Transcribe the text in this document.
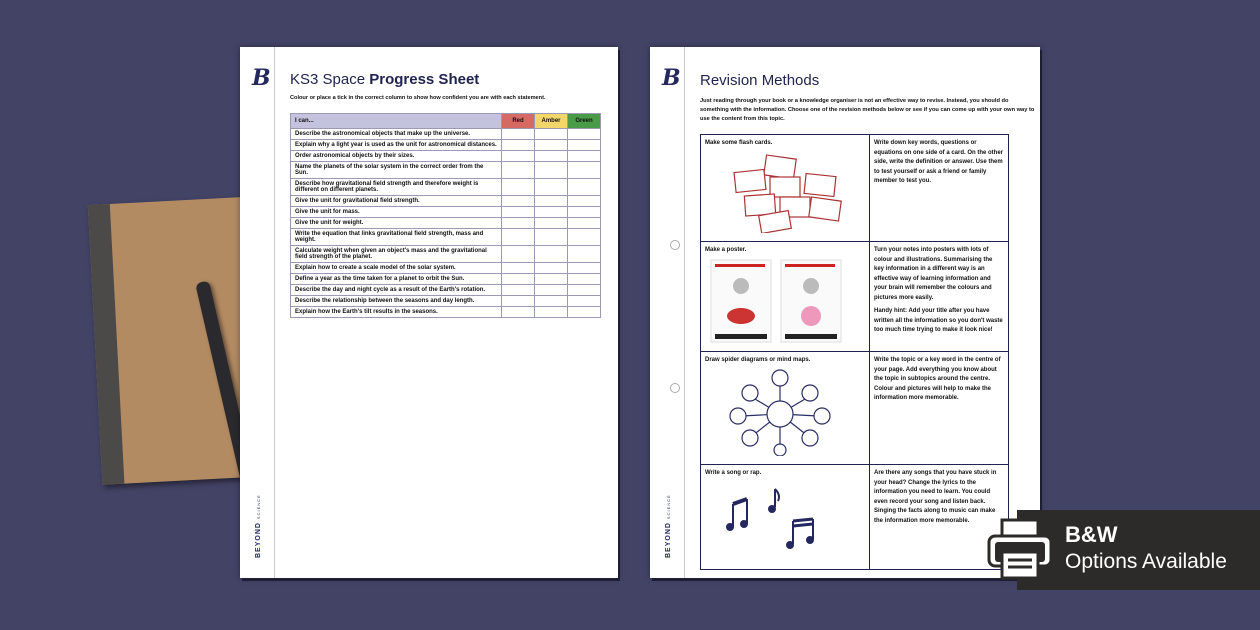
B
BEYOND SCIENCE
KS3 Space Progress Sheet
Colour or place a tick in the correct column to show how confident you are with each statement.
I can...	Red	Amber	Green
Describe the astronomical objects that make up the universe.			
Explain why a light year is used as the unit for astronomical distances.			
Order astronomical objects by their sizes.			
Name the planets of the solar system in the correct order from the Sun.			
Describe how gravitational field strength and therefore weight is different on different planets.			
Give the unit for gravitational field strength.			
Give the unit for mass.			
Give the unit for weight.			
Write the equation that links gravitational field strength, mass and weight.			
Calculate weight when given an object's mass and the gravitational field strength of the planet.			
Explain how to create a scale model of the solar system.			
Define a year as the time taken for a planet to orbit the Sun.			
Describe the day and night cycle as a result of the Earth's rotation.			
Describe the relationship between the seasons and day length.			
Explain how the Earth's tilt results in the seasons.			
B
BEYOND SCIENCE
Revision Methods
Just reading through your book or a knowledge organiser is not an effective way to revise. Instead, you should do something with the information. Choose one of the revision methods below or see if you can come up with your own way to use the content from this topic.
Make some flash cards.	Write down key words, questions or equations on one side of a card. On the other side, write the definition or answer. Use them to test yourself or ask a friend or family member to test you.

Make a poster.	Turn your notes into posters with lots of colour and illustrations. Summarising the key information in a different way is an effective way of learning information and your brain will remember the colours and pictures more easily.
Handy hint: Add your title after you have written all the information so you don't waste too much time trying to make it look nice!

Draw spider diagrams or mind maps.	Write the topic or a key word in the centre of your page. Add everything you know about the topic in subtopics around the centre. Colour and pictures will help to make the information more memorable.

Write a song or rap.	Are there any songs that you have stuck in your head? Change the lyrics to the information you need to learn. You could even record your song and listen back. Singing the facts along to music can make the information more memorable.
B&W
Options Available
